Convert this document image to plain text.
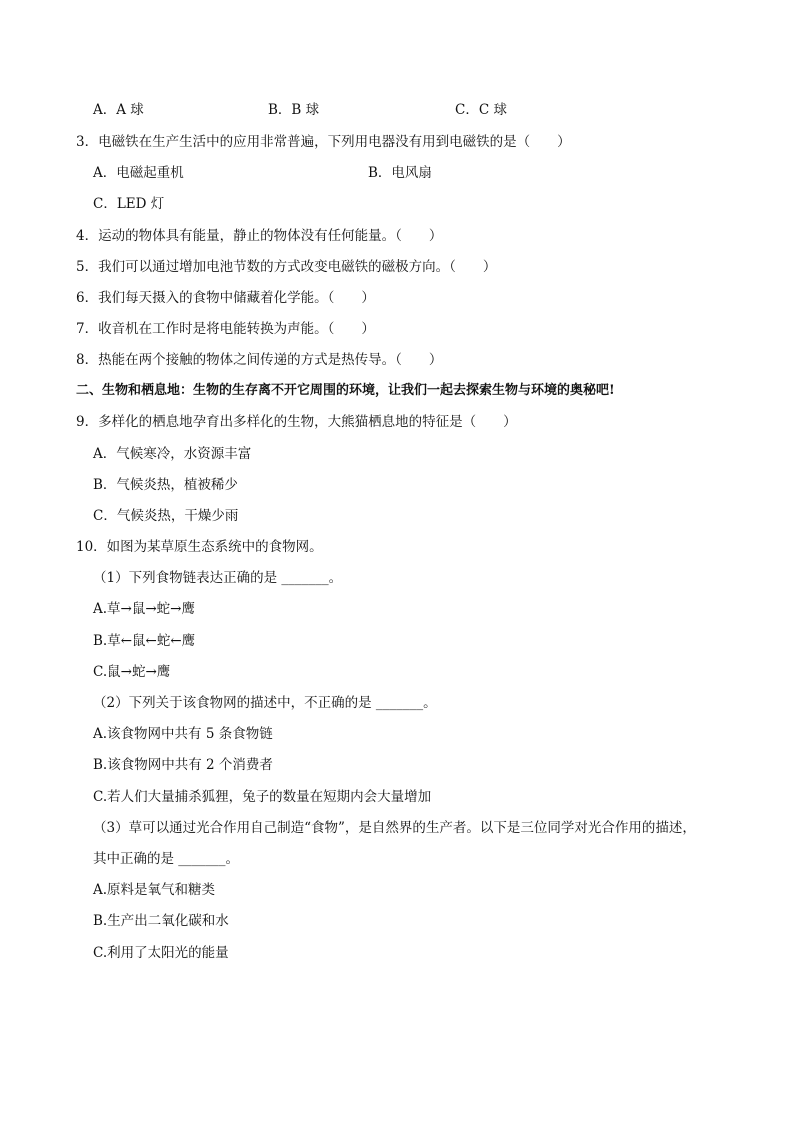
A．A 球	B．B 球	C．C 球
3．电磁铁在生产生活中的应用非常普遍，下列用电器没有用到电磁铁的是（　　）
A．电磁起重机	B．电风扇
C．LED 灯
4．运动的物体具有能量，静止的物体没有任何能量。（　　）
5．我们可以通过增加电池节数的方式改变电磁铁的磁极方向。（　　）
6．我们每天摄入的食物中储藏着化学能。（　　）
7．收音机在工作时是将电能转换为声能。（　　）
8．热能在两个接触的物体之间传递的方式是热传导。（　　）
二、生物和栖息地：生物的生存离不开它周围的环境，让我们一起去探索生物与环境的奥秘吧!
9．多样化的栖息地孕育出多样化的生物，大熊猫栖息地的特征是（　　）
A．气候寒冷，水资源丰富
B．气候炎热，植被稀少
C．气候炎热，干燥少雨
10．如图为某草原生态系统中的食物网。
（1）下列食物链表达正确的是 _______。
A.草→鼠→蛇→鹰
B.草←鼠←蛇←鹰
C.鼠→蛇→鹰
（2）下列关于该食物网的描述中，不正确的是 _______。
A.该食物网中共有 5 条食物链
B.该食物网中共有 2 个消费者
C.若人们大量捕杀狐狸，兔子的数量在短期内会大量增加
（3）草可以通过光合作用自己制造“食物”，是自然界的生产者。以下是三位同学对光合作用的描述，
其中正确的是 _______。
A.原料是氧气和糖类
B.生产出二氧化碳和水
C.利用了太阳光的能量
